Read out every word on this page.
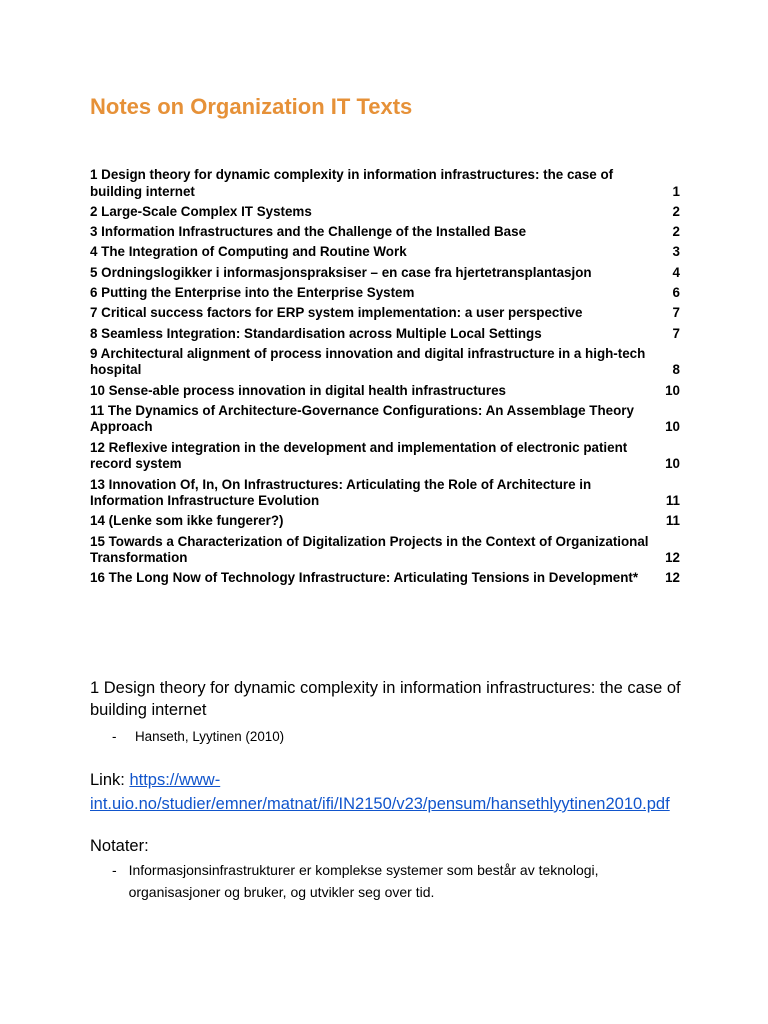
Notes on Organization IT Texts
1 Design theory for dynamic complexity in information infrastructures: the case of building internet	1
2 Large-Scale Complex IT Systems	2
3 Information Infrastructures and the Challenge of the Installed Base	2
4 The Integration of Computing and Routine Work	3
5 Ordningslogikker i informasjonspraksiser – en case fra hjertetransplantasjon	4
6 Putting the Enterprise into the Enterprise System	6
7 Critical success factors for ERP system implementation: a user perspective	7
8 Seamless Integration: Standardisation across Multiple Local Settings	7
9 Architectural alignment of process innovation and digital infrastructure in a high-tech hospital	8
10 Sense-able process innovation in digital health infrastructures	10
11 The Dynamics of Architecture-Governance Configurations: An Assemblage Theory Approach	10
12 Reflexive integration in the development and implementation of electronic patient record system	10
13 Innovation Of, In, On Infrastructures: Articulating the Role of Architecture in Information Infrastructure Evolution	11
14 (Lenke som ikke fungerer?)	11
15 Towards a Characterization of Digitalization Projects in the Context of Organizational Transformation	12
16 The Long Now of Technology Infrastructure: Articulating Tensions in Development*	12
1 Design theory for dynamic complexity in information infrastructures: the case of building internet
-	Hanseth, Lyytinen (2010)
Link: https://www-int.uio.no/studier/emner/matnat/ifi/IN2150/v23/pensum/hansethlyytinen2010.pdf
Notater:
- Informasjonsinfrastrukturer er komplekse systemer som består av teknologi, organisasjoner og bruker, og utvikler seg over tid.
